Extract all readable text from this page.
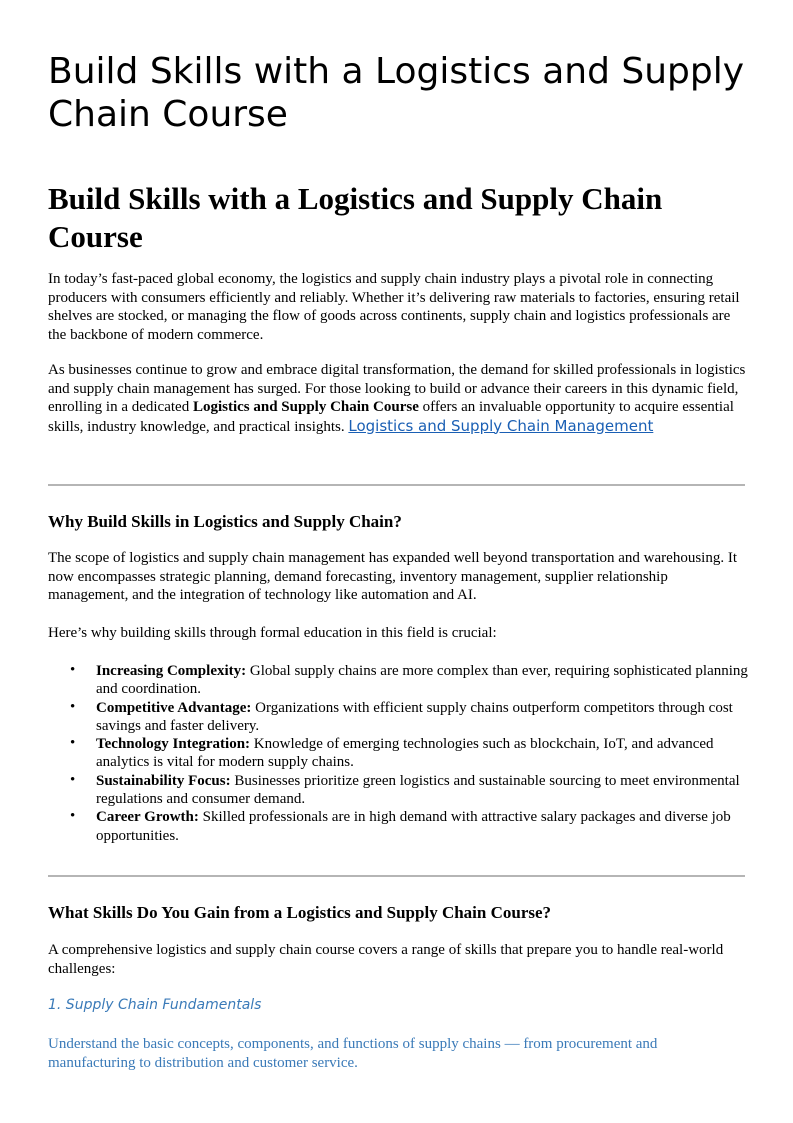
Build Skills with a Logistics and Supply Chain Course
Build Skills with a Logistics and Supply Chain Course

In today’s fast-paced global economy, the logistics and supply chain industry plays a pivotal role in connecting producers with consumers efficiently and reliably. Whether it’s delivering raw materials to factories, ensuring retail shelves are stocked, or managing the flow of goods across continents, supply chain and logistics professionals are the backbone of modern commerce.

As businesses continue to grow and embrace digital transformation, the demand for skilled professionals in logistics and supply chain management has surged. For those looking to build or advance their careers in this dynamic field, enrolling in a dedicated Logistics and Supply Chain Course offers an invaluable opportunity to acquire essential skills, industry knowledge, and practical insights. Logistics and Supply Chain Management

Why Build Skills in Logistics and Supply Chain?

The scope of logistics and supply chain management has expanded well beyond transportation and warehousing. It now encompasses strategic planning, demand forecasting, inventory management, supplier relationship management, and the integration of technology like automation and AI.

Here’s why building skills through formal education in this field is crucial:

• Increasing Complexity: Global supply chains are more complex than ever, requiring sophisticated planning and coordination.
• Competitive Advantage: Organizations with efficient supply chains outperform competitors through cost savings and faster delivery.
• Technology Integration: Knowledge of emerging technologies such as blockchain, IoT, and advanced analytics is vital for modern supply chains.
• Sustainability Focus: Businesses prioritize green logistics and sustainable sourcing to meet environmental regulations and consumer demand.
• Career Growth: Skilled professionals are in high demand with attractive salary packages and diverse job opportunities.
What Skills Do You Gain from a Logistics and Supply Chain Course?

A comprehensive logistics and supply chain course covers a range of skills that prepare you to handle real-world challenges:

1. Supply Chain Fundamentals

Understand the basic concepts, components, and functions of supply chains — from procurement and manufacturing to distribution and customer service.
